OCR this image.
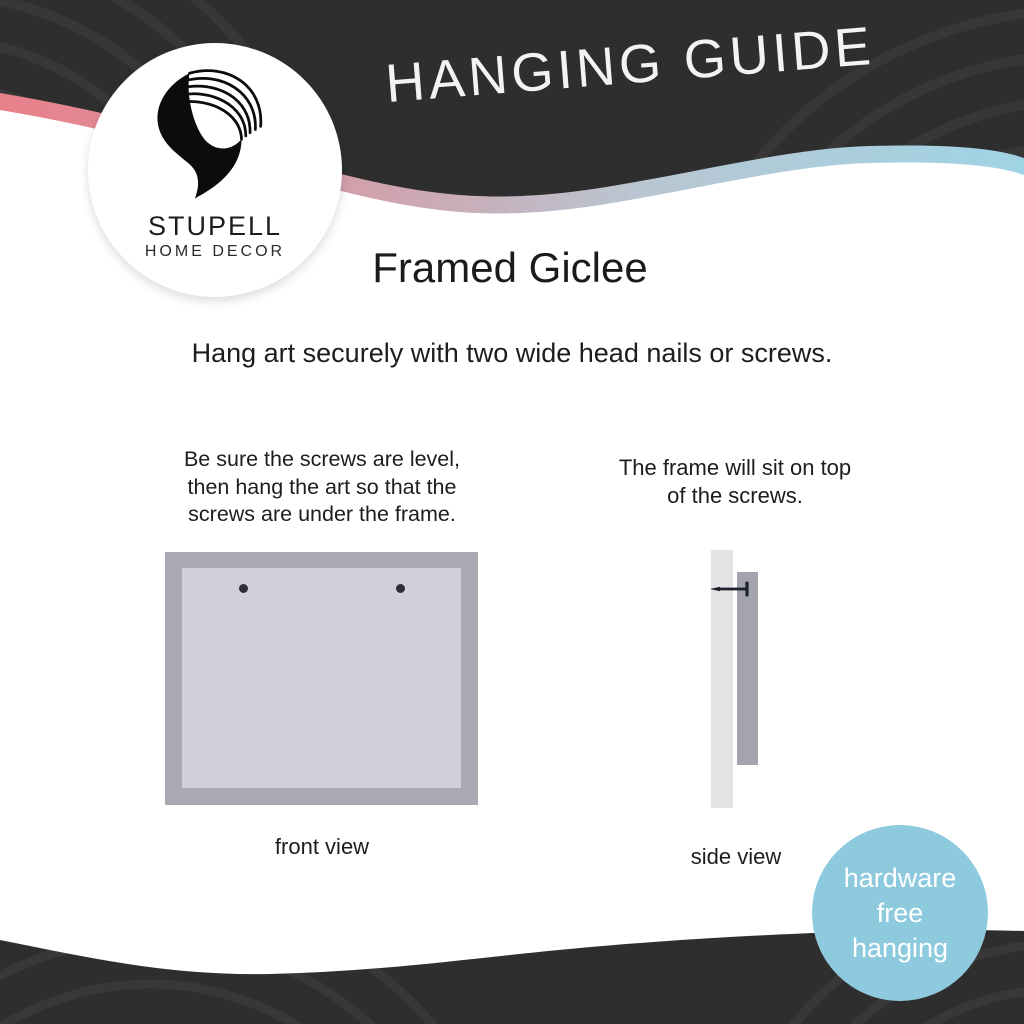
HANGING GUIDE
STUPELL
HOME DECOR	Framed Giclee
Hang art securely with two wide head nails or screws.
Be sure the screws are level,
then hang the art so that the
screws are under the frame.
The frame will sit on top
of the screws.
front view	side view
hardware
free
hanging
